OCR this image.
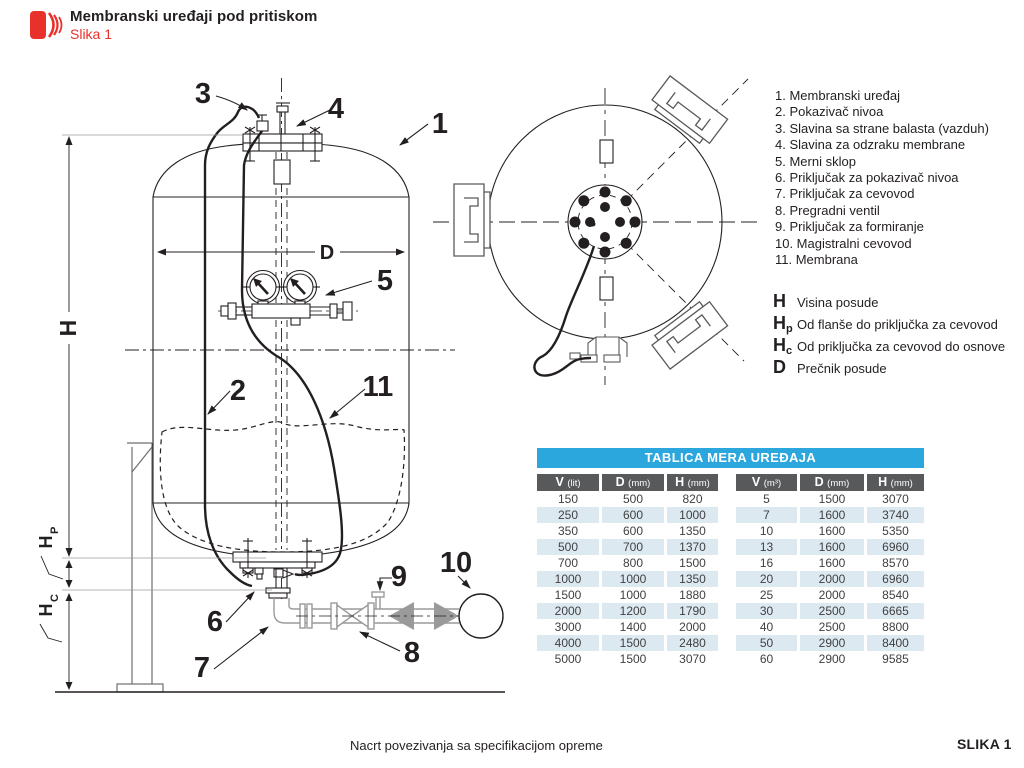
Membranski uređaji pod pritiskom
Slika 1
D
H
H
P
H
C
3	4	1
5
2	11
6
7	8
9 10
1. Membranski uređaj
2. Pokazivač nivoa
3. Slavina sa strane balasta (vazduh)
4. Slavina za odzraku membrane
5. Merni sklop
6. Priključak za pokazivač nivoa
7. Priključak za cevovod
8. Pregradni ventil
9. Priključak za formiranje
10. Magistralni cevovod
11. Membrana
H Visina posude
H p Od flanše do priključka za cevovod
H c Od priključka za cevovod do osnove
D Prečnik posude
TABLICA MERA UREĐAJA
V (lit)	D (mm)	H (mm)	V (m³)	D (mm)	H (mm)
150	500	820	5	1500	3070
250	600	1000	7	1600	3740
350	600	1350	10	1600	5350
500	700	1370	13	1600	6960
700	800	1500	16	1600	8570
1000	1000	1350	20	2000	6960
1500	1000	1880	25	2000	8540
2000	1200	1790	30	2500	6665
3000	1400	2000	40	2500	8800
4000	1500	2480	50	2900	8400
5000	1500	3070	60	2900	9585
Nacrt povezivanja sa specifikacijom opreme	SLIKA 1
